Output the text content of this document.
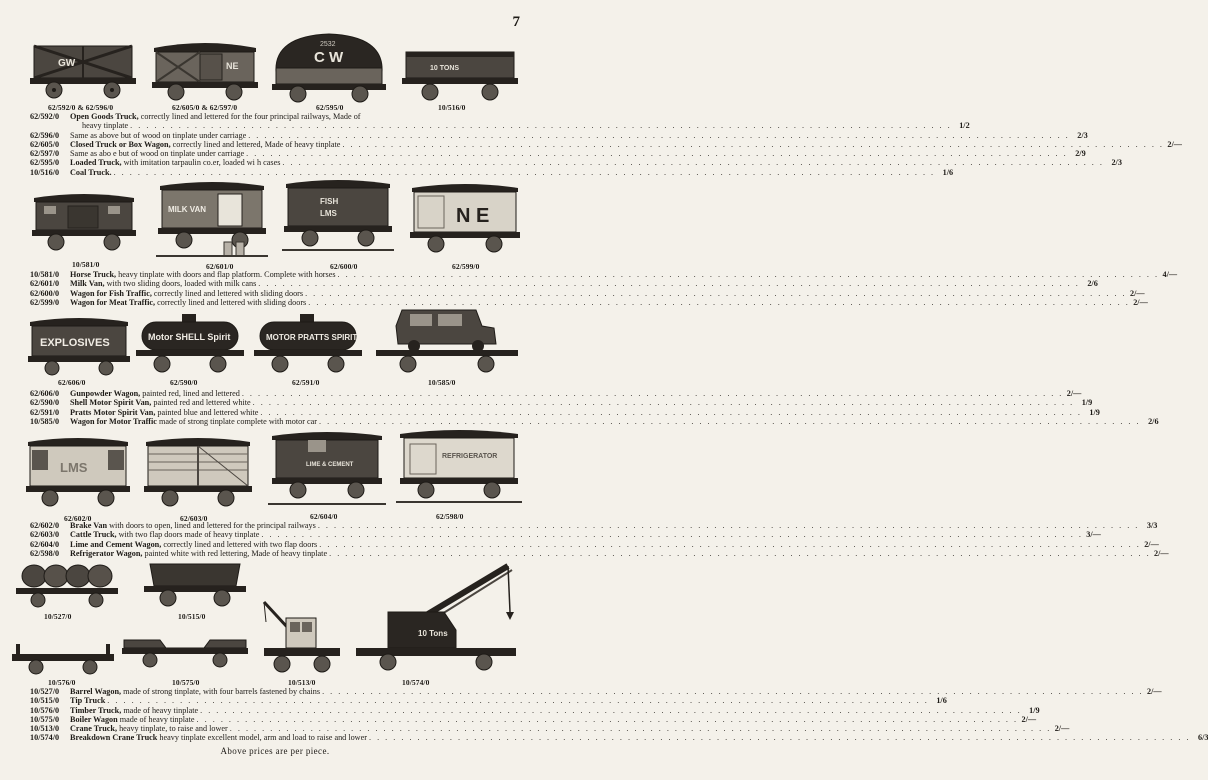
7
GW	NE
2532
C W
10 TONS
62/592/0 & 62/596/0	62/605/0 & 62/597/0	62/595/0	10/516/0
62/592/0	Open Goods Truck, correctly lined and lettered for the four principal railways, Made of
heavy tinplate . . .	1/2
62/596/0	Same as above but of wood on tinplate under carriage . . .	2/3
62/605/0	Closed Truck or Box Wagon, correctly lined and lettered, Made of heavy tinplate . . .	2/—
62/597/0	Same as abo e but of wood on tinplate under carriage . . .	2/9
62/595/0	Loaded Truck, with imitation tarpaulin co.er, loaded wi h cases . . .	2/3
10/516/0	Coal Truck. . . .	1/6
MILK VAN
FISH
LMS	N E
10/581/0	62/601/0	62/600/0	62/599/0
10/581/0	Horse Truck, heavy tinplate with doors and flap platform. Complete with horses . . .	4/—
62/601/0	Milk Van, with two sliding doors, loaded with milk cans . . .	2/6
62/600/0	Wagon for Fish Traffic, correctly lined and lettered with sliding doors . . .	2/—
62/599/0	Wagon for Meat Traffic, correctly lined and lettered with sliding doors . . .	2/—
EXPLOSIVES	Motor SHELL Spirit	MOTOR PRATTS SPIRIT
62/606/0	62/590/0	62/591/0	10/585/0
62/606/0	Gunpowder Wagon, painted red, lined and lettered . . .	2/—
62/590/0	Shell Motor Spirit Van, painted red and lettered white . . .	1/9
62/591/0	Pratts Motor Spirit Van, painted blue and lettered white . . .	1/9
10/585/0	Wagon for Motor Traffic made of strong tinplate complete with motor car . . .	2/6
LMS	LIME & CEMENT
REFRIGERATOR
62/602/0	62/603/0	62/604/0	62/598/0
62/602/0	Brake Van with doors to open, lined and lettered for the principal railways . . .	3/3
62/603/0	Cattle Truck, with two flap doors made of heavy tinplate . . .	3/—
62/604/0	Lime and Cement Wagon, correctly lined and lettered with two flap doors . . .	2/—
62/598/0	Refrigerator Wagon, painted white with red lettering, Made of heavy tinplate . . .	2/—
10 Tons
10/527/0	10/515/0
10/576/0	10/575/0	10/513/0	10/574/0
10/527/0	Barrel Wagon, made of strong tinplate, with four barrels fastened by chains . . .	2/—
10/515/0	Tip Truck . . .	1/6
10/576/0	Timber Truck, made of heavy tinplate . . .	1/9
10/575/0	Boiler Wagon made of heavy tinplate . . .	2/—
10/513/0	Crane Truck, heavy tinplate, to raise and lower . . .	2/—
10/574/0	Breakdown Crane Truck heavy tinplate excellent model, arm and load to raise and lower . . .	6/3
Above prices are per piece.
